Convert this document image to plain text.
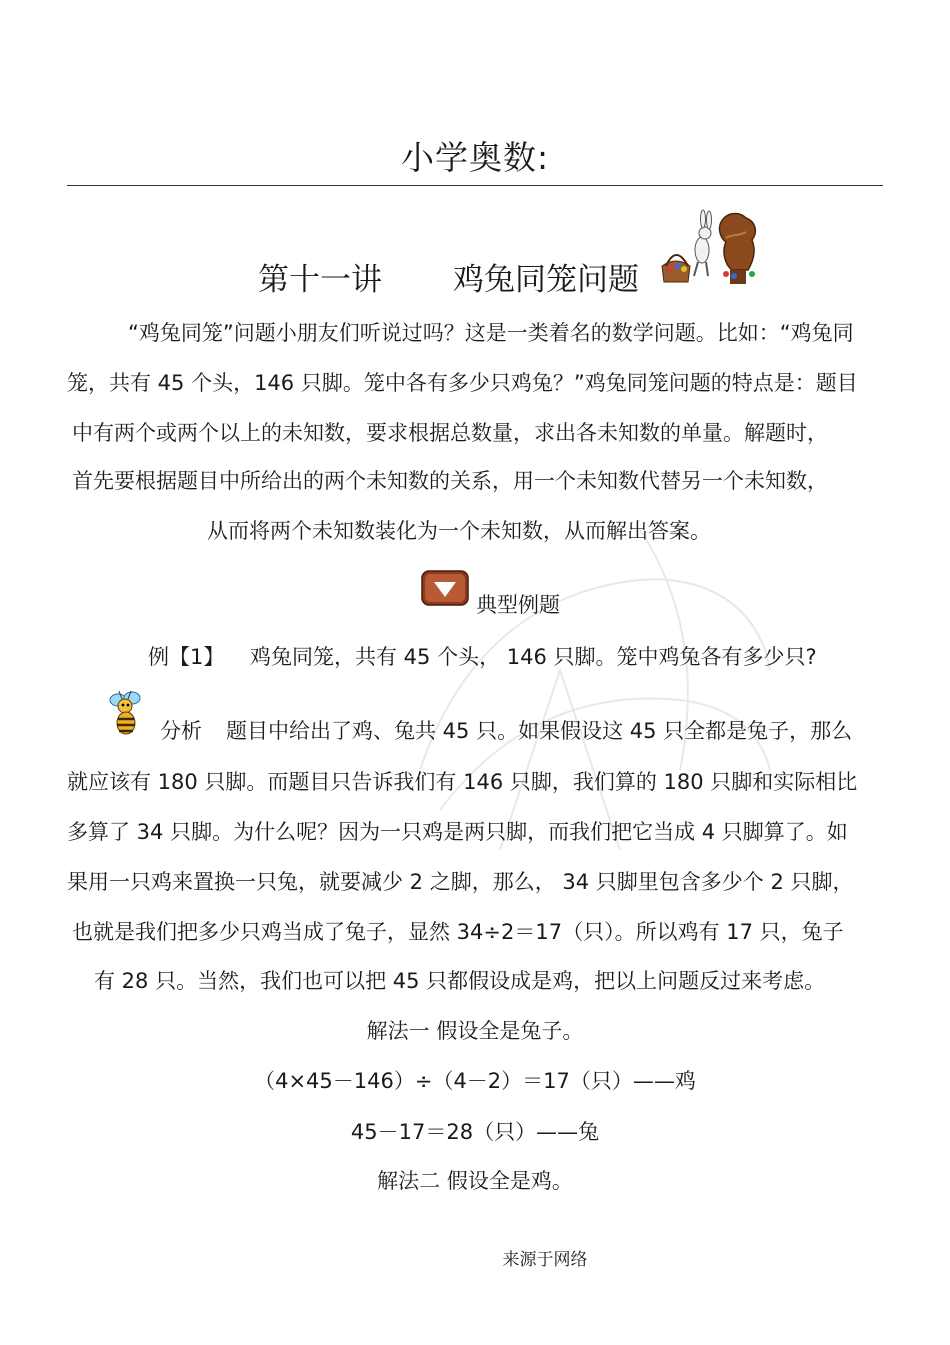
小学奥数:
第十一讲 鸡兔同笼问题
“鸡兔同笼”问题小朋友们听说过吗？这是一类着名的数学问题。比如：“鸡兔同
笼，共有 45 个头，146 只脚。笼中各有多少只鸡兔？”鸡兔同笼问题的特点是：题目
中有两个或两个以上的未知数，要求根据总数量，求出各未知数的单量。解题时，
首先要根据题目中所给出的两个未知数的关系，用一个未知数代替另一个未知数，
从而将两个未知数装化为一个未知数，从而解出答案。
典型例题
例【1】 鸡兔同笼，共有 45 个头， 146 只脚。笼中鸡兔各有多少只?
分析 题目中给出了鸡、兔共 45 只。如果假设这 45 只全都是兔子，那么
就应该有 180 只脚。而题目只告诉我们有 146 只脚，我们算的 180 只脚和实际相比
多算了 34 只脚。为什么呢？因为一只鸡是两只脚，而我们把它当成 4 只脚算了。如
果用一只鸡来置换一只兔，就要减少 2 之脚，那么， 34 只脚里包含多少个 2 只脚，
也就是我们把多少只鸡当成了兔子，显然 34÷2＝17（只）。所以鸡有 17 只，兔子
有 28 只。当然，我们也可以把 45 只都假设成是鸡，把以上问题反过来考虑。
解法一 假设全是兔子。
（4×45－146）÷（4－2）＝17（只）——鸡
45－17＝28（只）——兔
解法二 假设全是鸡。
来源于网络
